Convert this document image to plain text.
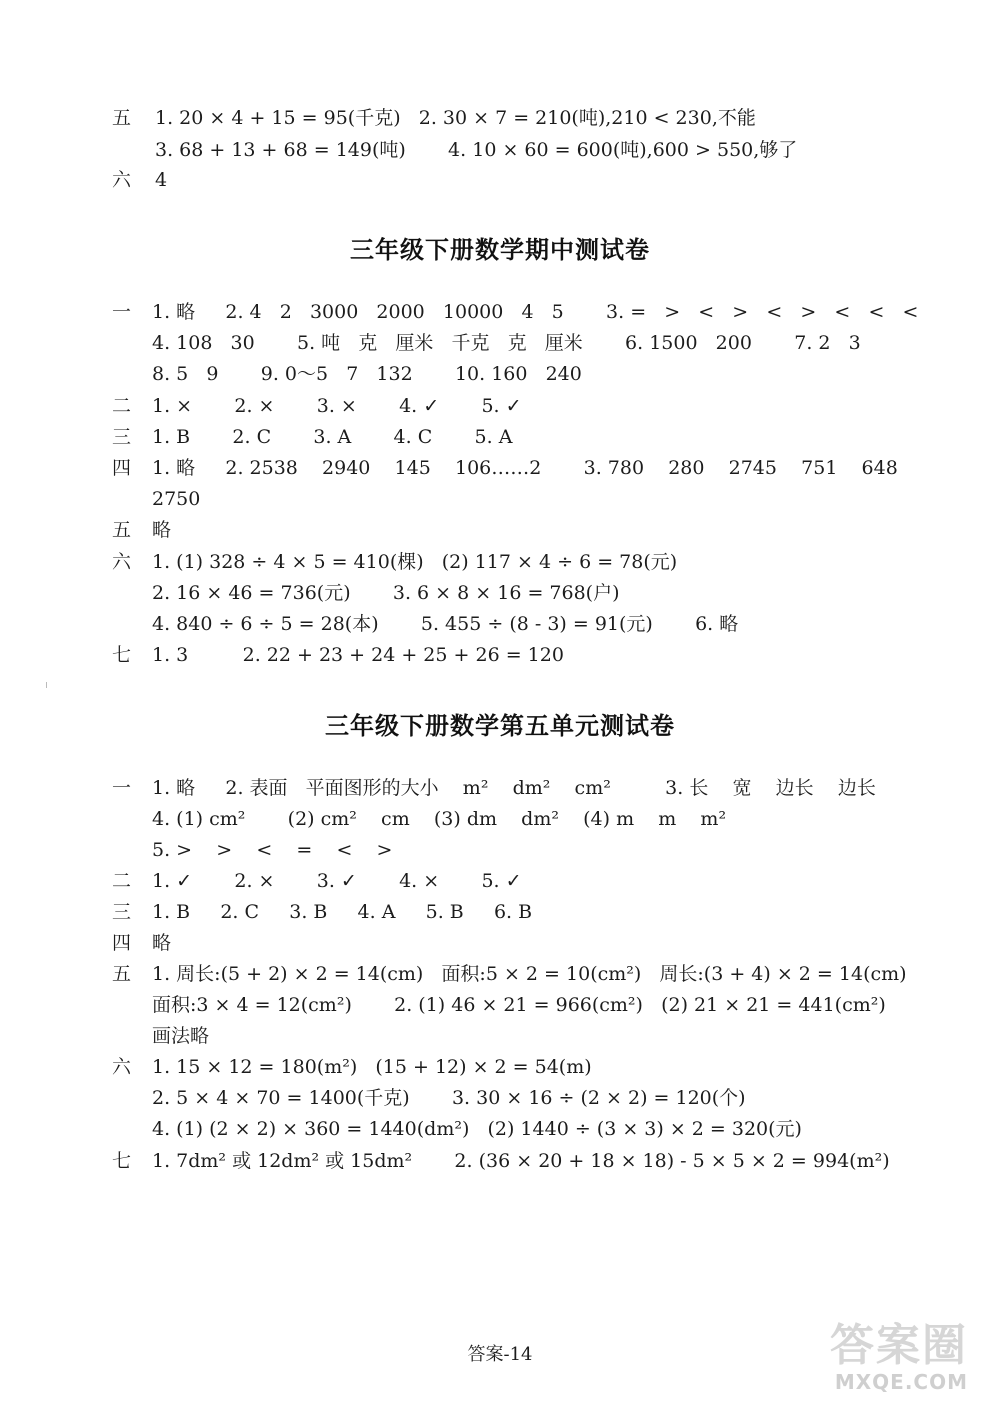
五 1. 20 × 4 + 15 = 95(千克)   2. 30 × 7 = 210(吨),210 < 230,不能
3. 68 + 13 + 68 = 149(吨)       4. 10 × 60 = 600(吨),600 > 550,够了
六 4
三年级下册数学期中测试卷
一 1. 略     2. 4   2   3000   2000   10000   4   5       3. =   >   <   >   <   >   <   <   <
4. 108   30       5. 吨   克   厘米   千克   克   厘米       6. 1500   200       7. 2   3
8. 5   9       9. 0～5   7   132       10. 160   240
二 1. ×       2. ×       3. ×       4. ✓       5. ✓
三 1. B       2. C       3. A       4. C       5. A
四 1. 略     2. 2538    2940    145    106……2       3. 780    280    2745    751    648
2750
五 略
六 1. (1) 328 ÷ 4 × 5 = 410(棵)   (2) 117 × 4 ÷ 6 = 78(元)
2. 16 × 46 = 736(元)       3. 6 × 8 × 16 = 768(户)
4. 840 ÷ 6 ÷ 5 = 28(本)       5. 455 ÷ (8 - 3) = 91(元)       6. 略
七 1. 3         2. 22 + 23 + 24 + 25 + 26 = 120
三年级下册数学第五单元测试卷
一 1. 略     2. 表面   平面图形的大小    m²    dm²    cm²         3. 长    宽    边长    边长
4. (1) cm²       (2) cm²    cm    (3) dm    dm²    (4) m    m    m²
5. >    >    <    =    <    >
二 1. ✓       2. ×       3. ✓       4. ×       5. ✓
三 1. B     2. C     3. B     4. A     5. B     6. B
四 略
五 1. 周长:(5 + 2) × 2 = 14(cm)   面积:5 × 2 = 10(cm²)   周长:(3 + 4) × 2 = 14(cm)
面积:3 × 4 = 12(cm²)       2. (1) 46 × 21 = 966(cm²)   (2) 21 × 21 = 441(cm²)
画法略
六 1. 15 × 12 = 180(m²)   (15 + 12) × 2 = 54(m)
2. 5 × 4 × 70 = 1400(千克)       3. 30 × 16 ÷ (2 × 2) = 120(个)
4. (1) (2 × 2) × 360 = 1440(dm²)   (2) 1440 ÷ (3 × 3) × 2 = 320(元)
七 1. 7dm² 或 12dm² 或 15dm²       2. (36 × 20 + 18 × 18) - 5 × 5 × 2 = 994(m²)
答案-14	答案圈
MXQE.COM
